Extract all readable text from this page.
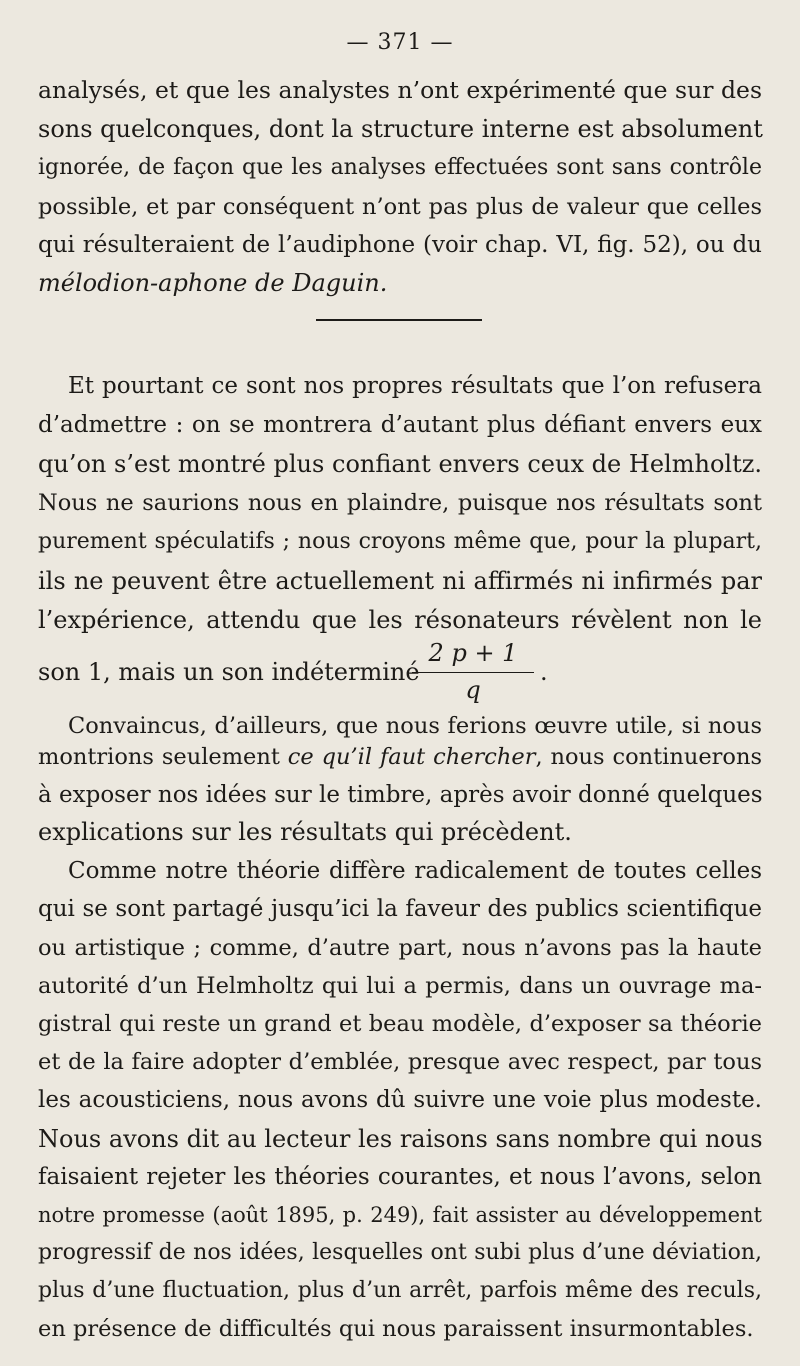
— 371 —
analysés, et que les analystes n’ont expérimenté que sur des
sons quelconques, dont la structure interne est absolument
ignorée, de façon que les analyses effectuées sont sans contrôle
possible, et par conséquent n’ont pas plus de valeur que celles
qui résulteraient de l’audiphone (voir chap. VI, fig. 52), ou du
mélodion-aphone de Daguin.
Et pourtant ce sont nos propres résultats que l’on refusera
d’admettre : on se montrera d’autant plus défiant envers eux
qu’on s’est montré plus confiant envers ceux de Helmholtz.
Nous ne saurions nous en plaindre, puisque nos résultats sont
purement spéculatifs ; nous croyons même que, pour la plupart,
ils ne peuvent être actuellement ni affirmés ni infirmés par
l’expérience, attendu que les résonateurs révèlent non le
son 1, mais un son indéterminé
2 p + 1
q
.
Convaincus, d’ailleurs, que nous ferions œuvre utile, si nous
montrions seulement ce qu’il faut chercher, nous continuerons
à exposer nos idées sur le timbre, après avoir donné quelques
explications sur les résultats qui précèdent.
Comme notre théorie diffère radicalement de toutes celles
qui se sont partagé jusqu’ici la faveur des publics scientifique
ou artistique ; comme, d’autre part, nous n’avons pas la haute
autorité d’un Helmholtz qui lui a permis, dans un ouvrage ma-
gistral qui reste un grand et beau modèle, d’exposer sa théorie
et de la faire adopter d’emblée, presque avec respect, par tous
les acousticiens, nous avons dû suivre une voie plus modeste.
Nous avons dit au lecteur les raisons sans nombre qui nous
faisaient rejeter les théories courantes, et nous l’avons, selon
notre promesse (août 1895, p. 249), fait assister au développement
progressif de nos idées, lesquelles ont subi plus d’une déviation,
plus d’une fluctuation, plus d’un arrêt, parfois même des reculs,
en présence de difficultés qui nous paraissent insurmontables.
